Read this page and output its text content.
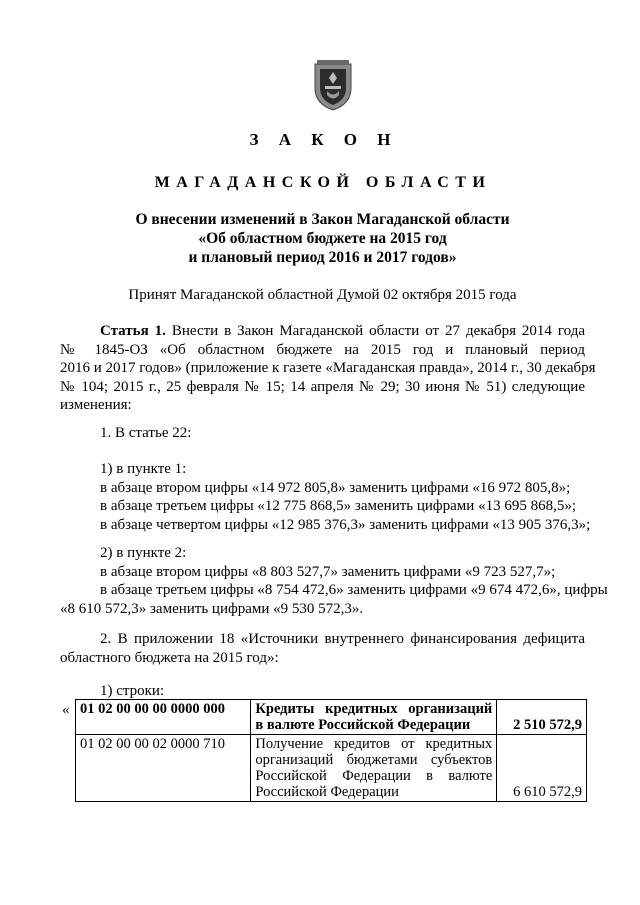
З А К О Н
МАГАДАНСКОЙ ОБЛАСТИ
О внесении изменений в Закон Магаданской области
«Об областном бюджете на 2015 год
и плановый период 2016 и 2017 годов»
Принят Магаданской областной Думой 02 октября 2015 года
Статья 1. Внести в Закон Магаданской области от 27 декабря 2014 года
№ 1845-ОЗ «Об областном бюджете на 2015 год и плановый период
2016 и 2017 годов» (приложение к газете «Магаданская правда», 2014 г., 30 декабря
№ 104; 2015 г., 25 февраля № 15; 14 апреля № 29; 30 июня № 51) следующие
изменения:
1. В статье 22:
1) в пункте 1:
в абзаце втором цифры «14 972 805,8» заменить цифрами «16 972 805,8»;
в абзаце третьем цифры «12 775 868,5» заменить цифрами «13 695 868,5»;
в абзаце четвертом цифры «12 985 376,3» заменить цифрами «13 905 376,3»;
2) в пункте 2:
в абзаце втором цифры «8 803 527,7» заменить цифрами «9 723 527,7»;
в абзаце третьем цифры «8 754 472,6» заменить цифрами «9 674 472,6», цифры
«8 610 572,3» заменить цифрами «9 530 572,3».
2. В приложении 18 «Источники внутреннего финансирования дефицита
областного бюджета на 2015 год»:
1) строки:
« 01 02 00 00 00 0000 000	Кредиты кредитных организаций
в валюте Российской Федерации	2 510 572,9
01 02 00 00 02 0000 710	Получение кредитов от кредитных
организаций бюджетами субъектов
Российской Федерации в валюте
Российской Федерации	6 610 572,9
